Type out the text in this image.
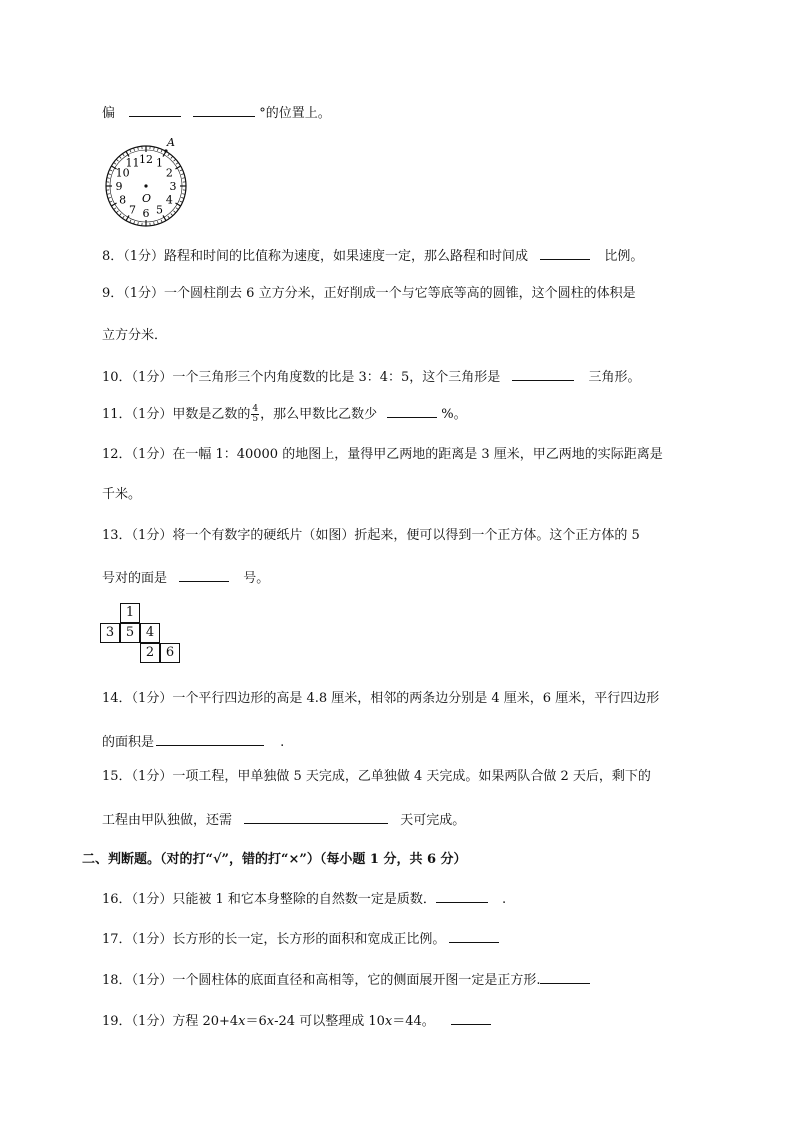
偏	°的位置上。
12 1
2
3
4
5
6
7
8
9
10
11
A
O
8．（1分）路程和时间的比值称为速度，如果速度一定，那么路程和时间成	比例。
9．（1分）一个圆柱削去 6 立方分米，正好削成一个与它等底等高的圆锥，这个圆柱的体积是
立方分米．
10．（1分）一个三角形三个内角度数的比是 3：4：5，这个三角形是	三角形。
11．（1分）甲数是乙数的 $\frac{4}{5}$ ，那么甲数比乙数少	%。
12．（1分）在一幅 1：40000 的地图上，量得甲乙两地的距离是 3 厘米，甲乙两地的实际距离是
千米。
13．（1分）将一个有数字的硬纸片（如图）折起来，便可以得到一个正方体。这个正方体的 5
号对的面是	号。
1
3 5 4
2 6
14．（1分）一个平行四边形的高是 4.8 厘米，相邻的两条边分别是 4 厘米，6 厘米，平行四边形
的面积是	.
15．（1分）一项工程，甲单独做 5 天完成，乙单独做 4 天完成。如果两队合做 2 天后，剩下的
工程由甲队独做，还需	天可完成。
二、判断题。（对的打“√”，错的打“×”）（每小题 1 分，共 6 分）
16．（1分）只能被 1 和它本身整除的自然数一定是质数．	.
17．（1分）长方形的长一定，长方形的面积和宽成正比例。
18．（1分）一个圆柱体的底面直径和高相等，它的侧面展开图一定是正方形.
19．（1分）方程 20+4x＝6x-24 可以整理成 10x＝44。
